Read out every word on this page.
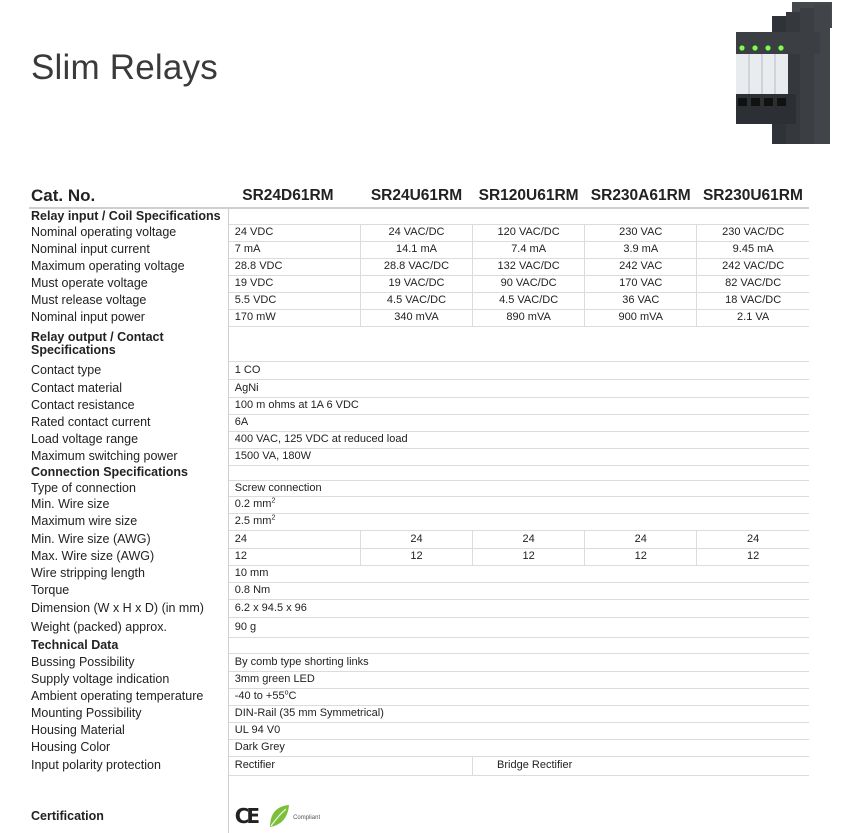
Slim Relays
Cat. No.	SR24D61RM	SR24U61RM	SR120U61RM	SR230A61RM	SR230U61RM
Relay input / Coil Specifications					
Nominal operating voltage	24 VDC	24 VAC/DC	120 VAC/DC	230 VAC	230 VAC/DC
Nominal input current	7 mA	14.1 mA	7.4 mA	3.9 mA	9.45 mA
Maximum operating voltage	28.8 VDC	28.8 VAC/DC	132 VAC/DC	242 VAC	242 VAC/DC
Must operate voltage	19 VDC	19 VAC/DC	90 VAC/DC	170 VAC	82 VAC/DC
Must release voltage	5.5 VDC	4.5 VAC/DC	4.5 VAC/DC	36 VAC	18 VAC/DC
Nominal input power	170 mW	340 mVA	890 mVA	900 mVA	2.1 VA
Relay output / Contact
Specifications					
Contact type	1 CO				
Contact material	AgNi				
Contact resistance	100 m ohms at 1A 6 VDC				
Rated contact current	6A				
Load voltage range	400 VAC, 125 VDC at reduced load				
Maximum switching power	1500 VA, 180W				
Connection Specifications					
Type of connection	Screw connection				
Min. Wire size	0.2 $mm^2$
Maximum wire size	2.5 $mm^2$
Min. Wire size (AWG)	24	24	24	24	24
Max. Wire size (AWG)	12	12	12	12	12
Wire stripping length	10 mm				
Torque	0.8 Nm				
Dimension (W x H x D) (in mm)	6.2 x 94.5 x 96				
Weight (packed) approx.	90 g				
Technical Data					
Bussing Possibility	By comb type shorting links				
Supply voltage indication	3mm green LED				
Ambient operating temperature	-40 to $+55^oC$				
Mounting Possibility	DIN-Rail (35 mm Symmetrical)				
Housing Material	UL 94 V0				
Housing Color	Dark Grey				
Input polarity protection	Rectifier		Bridge Rectifier		
Certification	CE Compliant				
